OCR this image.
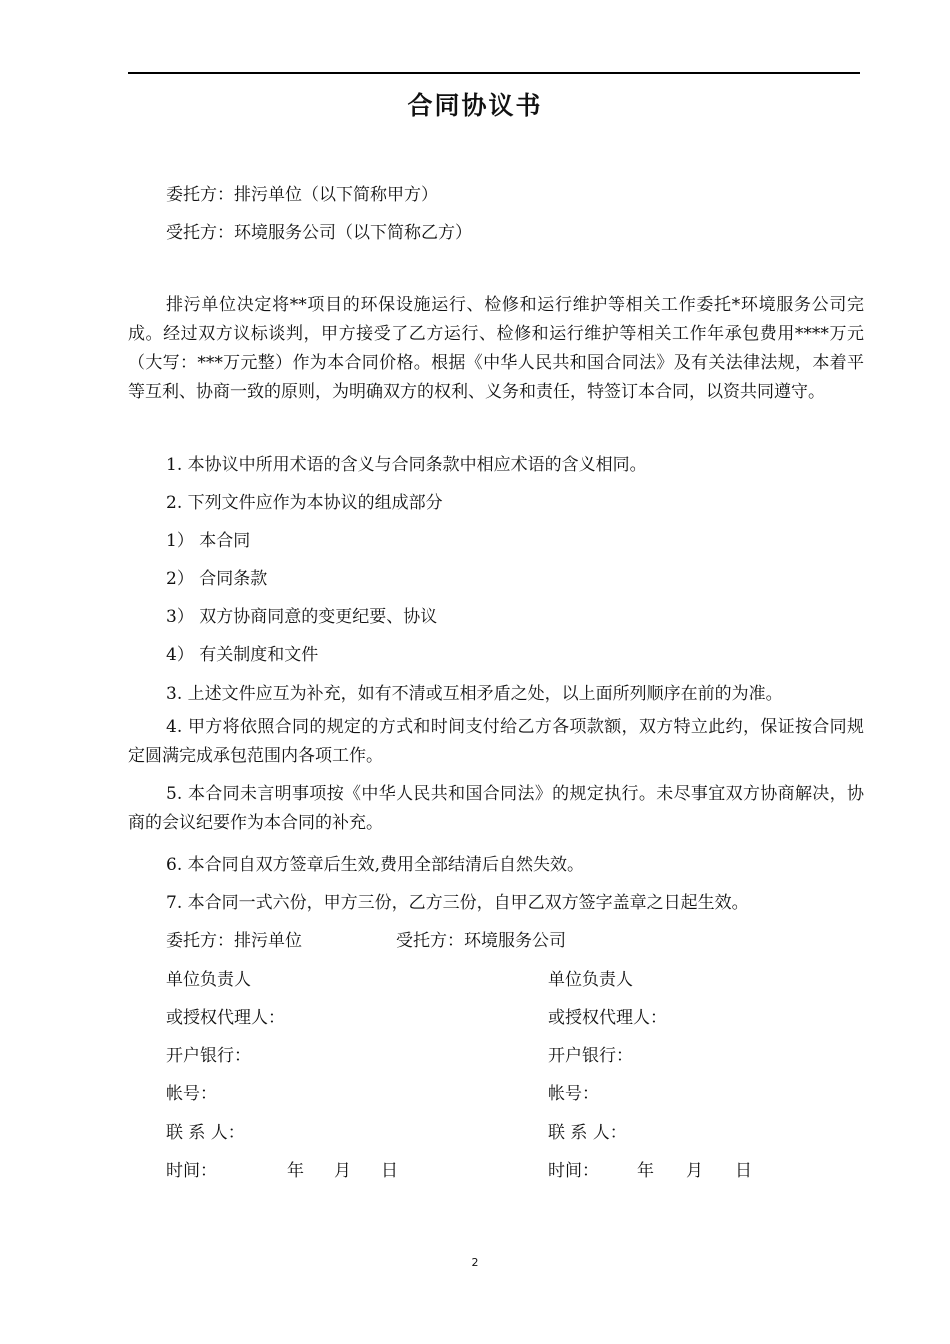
合同协议书
委托方：排污单位（以下简称甲方）
受托方：环境服务公司（以下简称乙方）
排污单位决定将**项目的环保设施运行、检修和运行维护等相关工作委托*环境服务公司完成。经过双方议标谈判，甲方接受了乙方运行、检修和运行维护等相关工作年承包费用****万元（大写：***万元整）作为本合同价格。根据《中华人民共和国合同法》及有关法律法规，本着平等互利、协商一致的原则，为明确双方的权利、义务和责任，特签订本合同，以资共同遵守。
1. 本协议中所用术语的含义与合同条款中相应术语的含义相同。
2. 下列文件应作为本协议的组成部分
1） 本合同
2） 合同条款
3） 双方协商同意的变更纪要、协议
4） 有关制度和文件
3. 上述文件应互为补充，如有不清或互相矛盾之处，以上面所列顺序在前的为准。
4. 甲方将依照合同的规定的方式和时间支付给乙方各项款额，双方特立此约，保证按合同规定圆满完成承包范围内各项工作。
5. 本合同未言明事项按《中华人民共和国合同法》的规定执行。未尽事宜双方协商解决，协商的会议纪要作为本合同的补充。
6. 本合同自双方签章后生效,费用全部结清后自然失效。
7. 本合同一式六份，甲方三份，乙方三份，自甲乙双方签字盖章之日起生效。
委托方：排污单位	受托方：环境服务公司
单位负责人	单位负责人
或授权代理人：	或授权代理人：
开户银行：	开户银行：
帐号：	帐号：
联 系 人：	联 系 人：
时间：	年 月 日	时间： 年 月 日
2
